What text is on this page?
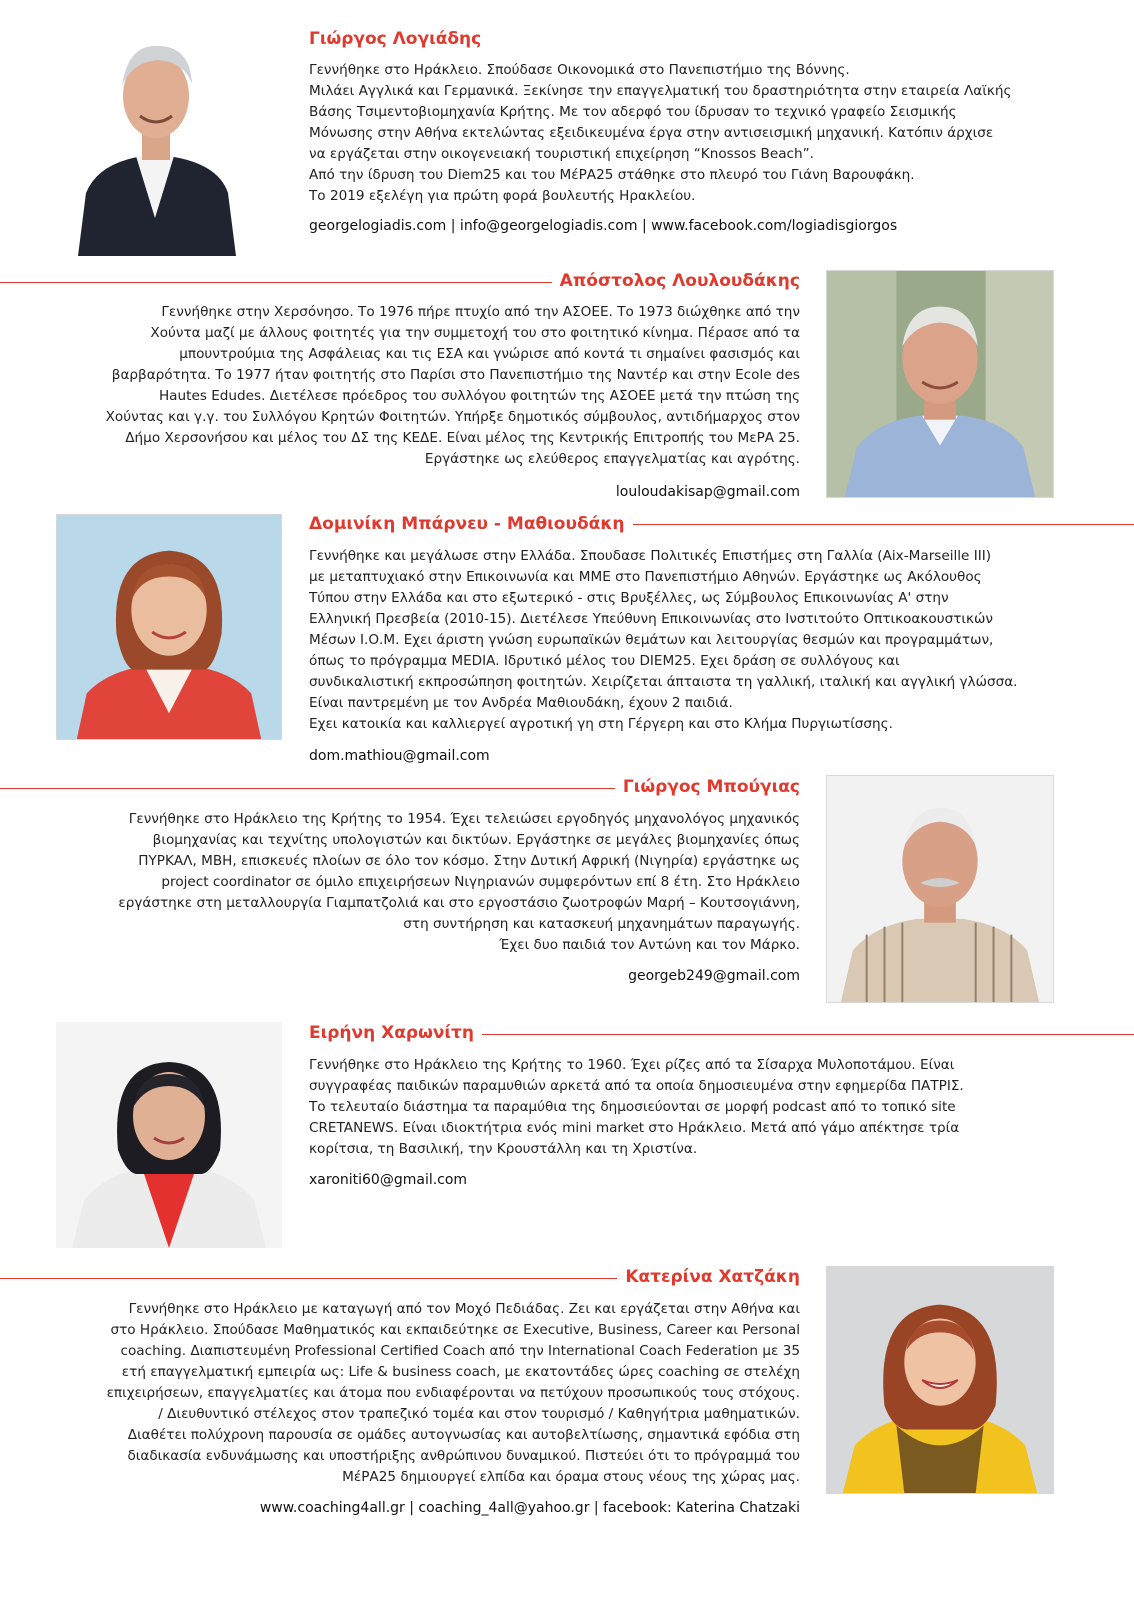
Γιώργος Λογιάδης
Γεννήθηκε στο Ηράκλειο. Σπούδασε Οικονομικά στο Πανεπιστήμιο της Βόννης.
Μιλάει Αγγλικά και Γερμανικά. Ξεκίνησε την επαγγελματική του δραστηριότητα στην εταιρεία Λαϊκής
Βάσης Τσιμεντοβιομηχανία Κρήτης. Με τον αδερφό του ίδρυσαν το τεχνικό γραφείο Σεισμικής
Μόνωσης στην Αθήνα εκτελώντας εξειδικευμένα έργα στην αντισεισμική μηχανική. Κατόπιν άρχισε
να εργάζεται στην οικογενειακή τουριστική επιχείρηση “Knossos Beach”.
Από την ίδρυση του Diem25 και του ΜέΡΑ25 στάθηκε στο πλευρό του Γιάνη Βαρουφάκη.
Το 2019 εξελέγη για πρώτη φορά βουλευτής Ηρακλείου.

georgelogiadis.com | info@georgelogiadis.com | www.facebook.com/logiadisgiorgos

Απόστολος Λουλουδάκης
Γεννήθηκε στην Χερσόνησο. Το 1976 πήρε πτυχίο από την ΑΣΟΕΕ. Το 1973 διώχθηκε από την
Χούντα μαζί με άλλους φοιτητές για την συμμετοχή του στο φοιτητικό κίνημα. Πέρασε από τα
μπουντρούμια της Ασφάλειας και τις ΕΣΑ και γνώρισε από κοντά τι σημαίνει φασισμός και
βαρβαρότητα. Το 1977 ήταν φοιτητής στο Παρίσι στο Πανεπιστήμιο της Ναντέρ και στην Ecole des
Hautes Edudes. Διετέλεσε πρόεδρος του συλλόγου φοιτητών της ΑΣΟΕΕ μετά την πτώση της
Χούντας και γ.γ. του Συλλόγου Κρητών Φοιτητών. Υπήρξε δημοτικός σύμβουλος, αντιδήμαρχος στον
Δήμο Χερσονήσου και μέλος του ΔΣ της ΚΕΔΕ. Είναι μέλος της Κεντρικής Επιτροπής του ΜεΡΑ 25.
Εργάστηκε ως ελεύθερος επαγγελματίας και αγρότης.

louloudakisap@gmail.com

Δομινίκη Μπάρνευ - Μαθιουδάκη
Γεννήθηκε και μεγάλωσε στην Ελλάδα. Σπουδασε Πολιτικές Επιστήμες στη Γαλλία (Aix-Marseille III)
με μεταπτυχιακό στην Επικοινωνία και ΜΜΕ στο Πανεπιστήμιο Αθηνών. Εργάστηκε ως Ακόλουθος
Τύπου στην Ελλάδα και στο εξωτερικό - στις Βρυξέλλες, ως Σύμβουλος Επικοινωνίας Α' στην
Ελληνική Πρεσβεία (2010-15). Διετέλεσε Υπεύθυνη Επικοινωνίας στο Ινστιτούτο Οπτικοακουστικών
Μέσων Ι.Ο.Μ. Εχει άριστη γνώση ευρωπαϊκών θεμάτων και λειτουργίας θεσμών και προγραμμάτων,
όπως το πρόγραμμα MEDIA. Ιδρυτικό μέλος του DIEM25. Εχει δράση σε συλλόγους και
συνδικαλιστική εκπροσώπηση φοιτητών. Χειρίζεται άπταιστα τη γαλλική, ιταλική και αγγλική γλώσσα.
Είναι παντρεμένη με τον Ανδρέα Μαθιουδάκη, έχουν 2 παιδιά.
Εχει κατοικία και καλλιεργεί αγροτική γη στη Γέργερη και στο Κλήμα Πυργιωτίσσης.

dom.mathiou@gmail.com

Γιώργος Μπούγιας
Γεννήθηκε στο Ηράκλειο της Κρήτης το 1954. Έχει τελειώσει εργοδηγός μηχανολόγος μηχανικός
βιομηχανίας και τεχνίτης υπολογιστών και δικτύων. Εργάστηκε σε μεγάλες βιομηχανίες όπως
ΠΥΡΚΑΛ, ΜΒΗ, επισκευές πλοίων σε όλο τον κόσμο. Στην Δυτική Αφρική (Νιγηρία) εργάστηκε ως
project coordinator σε όμιλο επιχειρήσεων Νιγηριανών συμφερόντων επί 8 έτη. Στο Ηράκλειο
εργάστηκε στη μεταλλουργία Γιαμπατζολιά και στο εργοστάσιο ζωοτροφών Μαρή – Κουτσογιάννη,
στη συντήρηση και κατασκευή μηχανημάτων παραγωγής.
Έχει δυο παιδιά τον Αντώνη και τον Μάρκο.

georgeb249@gmail.com

Ειρήνη Χαρωνίτη
Γεννήθηκε στο Ηράκλειο της Κρήτης το 1960. Έχει ρίζες από τα Σίσαρχα Μυλοποτάμου. Είναι
συγγραφέας παιδικών παραμυθιών αρκετά από τα οποία δημοσιευμένα στην εφημερίδα ΠΑΤΡΙΣ.
Το τελευταίο διάστημα τα παραμύθια της δημοσιεύονται σε μορφή podcast από το τοπικό site
CRETANEWS. Είναι ιδιοκτήτρια ενός mini market στο Ηράκλειο. Μετά από γάμο απέκτησε τρία
κορίτσια, τη Βασιλική, την Κρουστάλλη και τη Χριστίνα.

xaroniti60@gmail.com

Κατερίνα Χατζάκη
Γεννήθηκε στο Ηράκλειο με καταγωγή από τον Μοχό Πεδιάδας. Ζει και εργάζεται στην Αθήνα και
στο Ηράκλειο. Σπούδασε Μαθηματικός και εκπαιδεύτηκε σε Executive, Business, Career και Personal
coaching. Διαπιστευμένη Professional Certified Coach από την International Coach Federation με 35
ετή επαγγελματική εμπειρία ως: Life & business coach, με εκατοντάδες ώρες coaching σε στελέχη
επιχειρήσεων, επαγγελματίες και άτομα που ενδιαφέρονται να πετύχουν προσωπικούς τους στόχους.
/ Διευθυντικό στέλεχος στον τραπεζικό τομέα και στον τουρισμό / Καθηγήτρια μαθηματικών.
Διαθέτει πολύχρονη παρουσία σε ομάδες αυτογνωσίας και αυτοβελτίωσης, σημαντικά εφόδια στη
διαδικασία ενδυνάμωσης και υποστήριξης ανθρώπινου δυναμικού. Πιστεύει ότι το πρόγραμμά του
ΜέΡΑ25 δημιουργεί ελπίδα και όραμα στους νέους της χώρας μας.

www.coaching4all.gr | coaching_4all@yahoo.gr | facebook: Katerina Chatzaki
